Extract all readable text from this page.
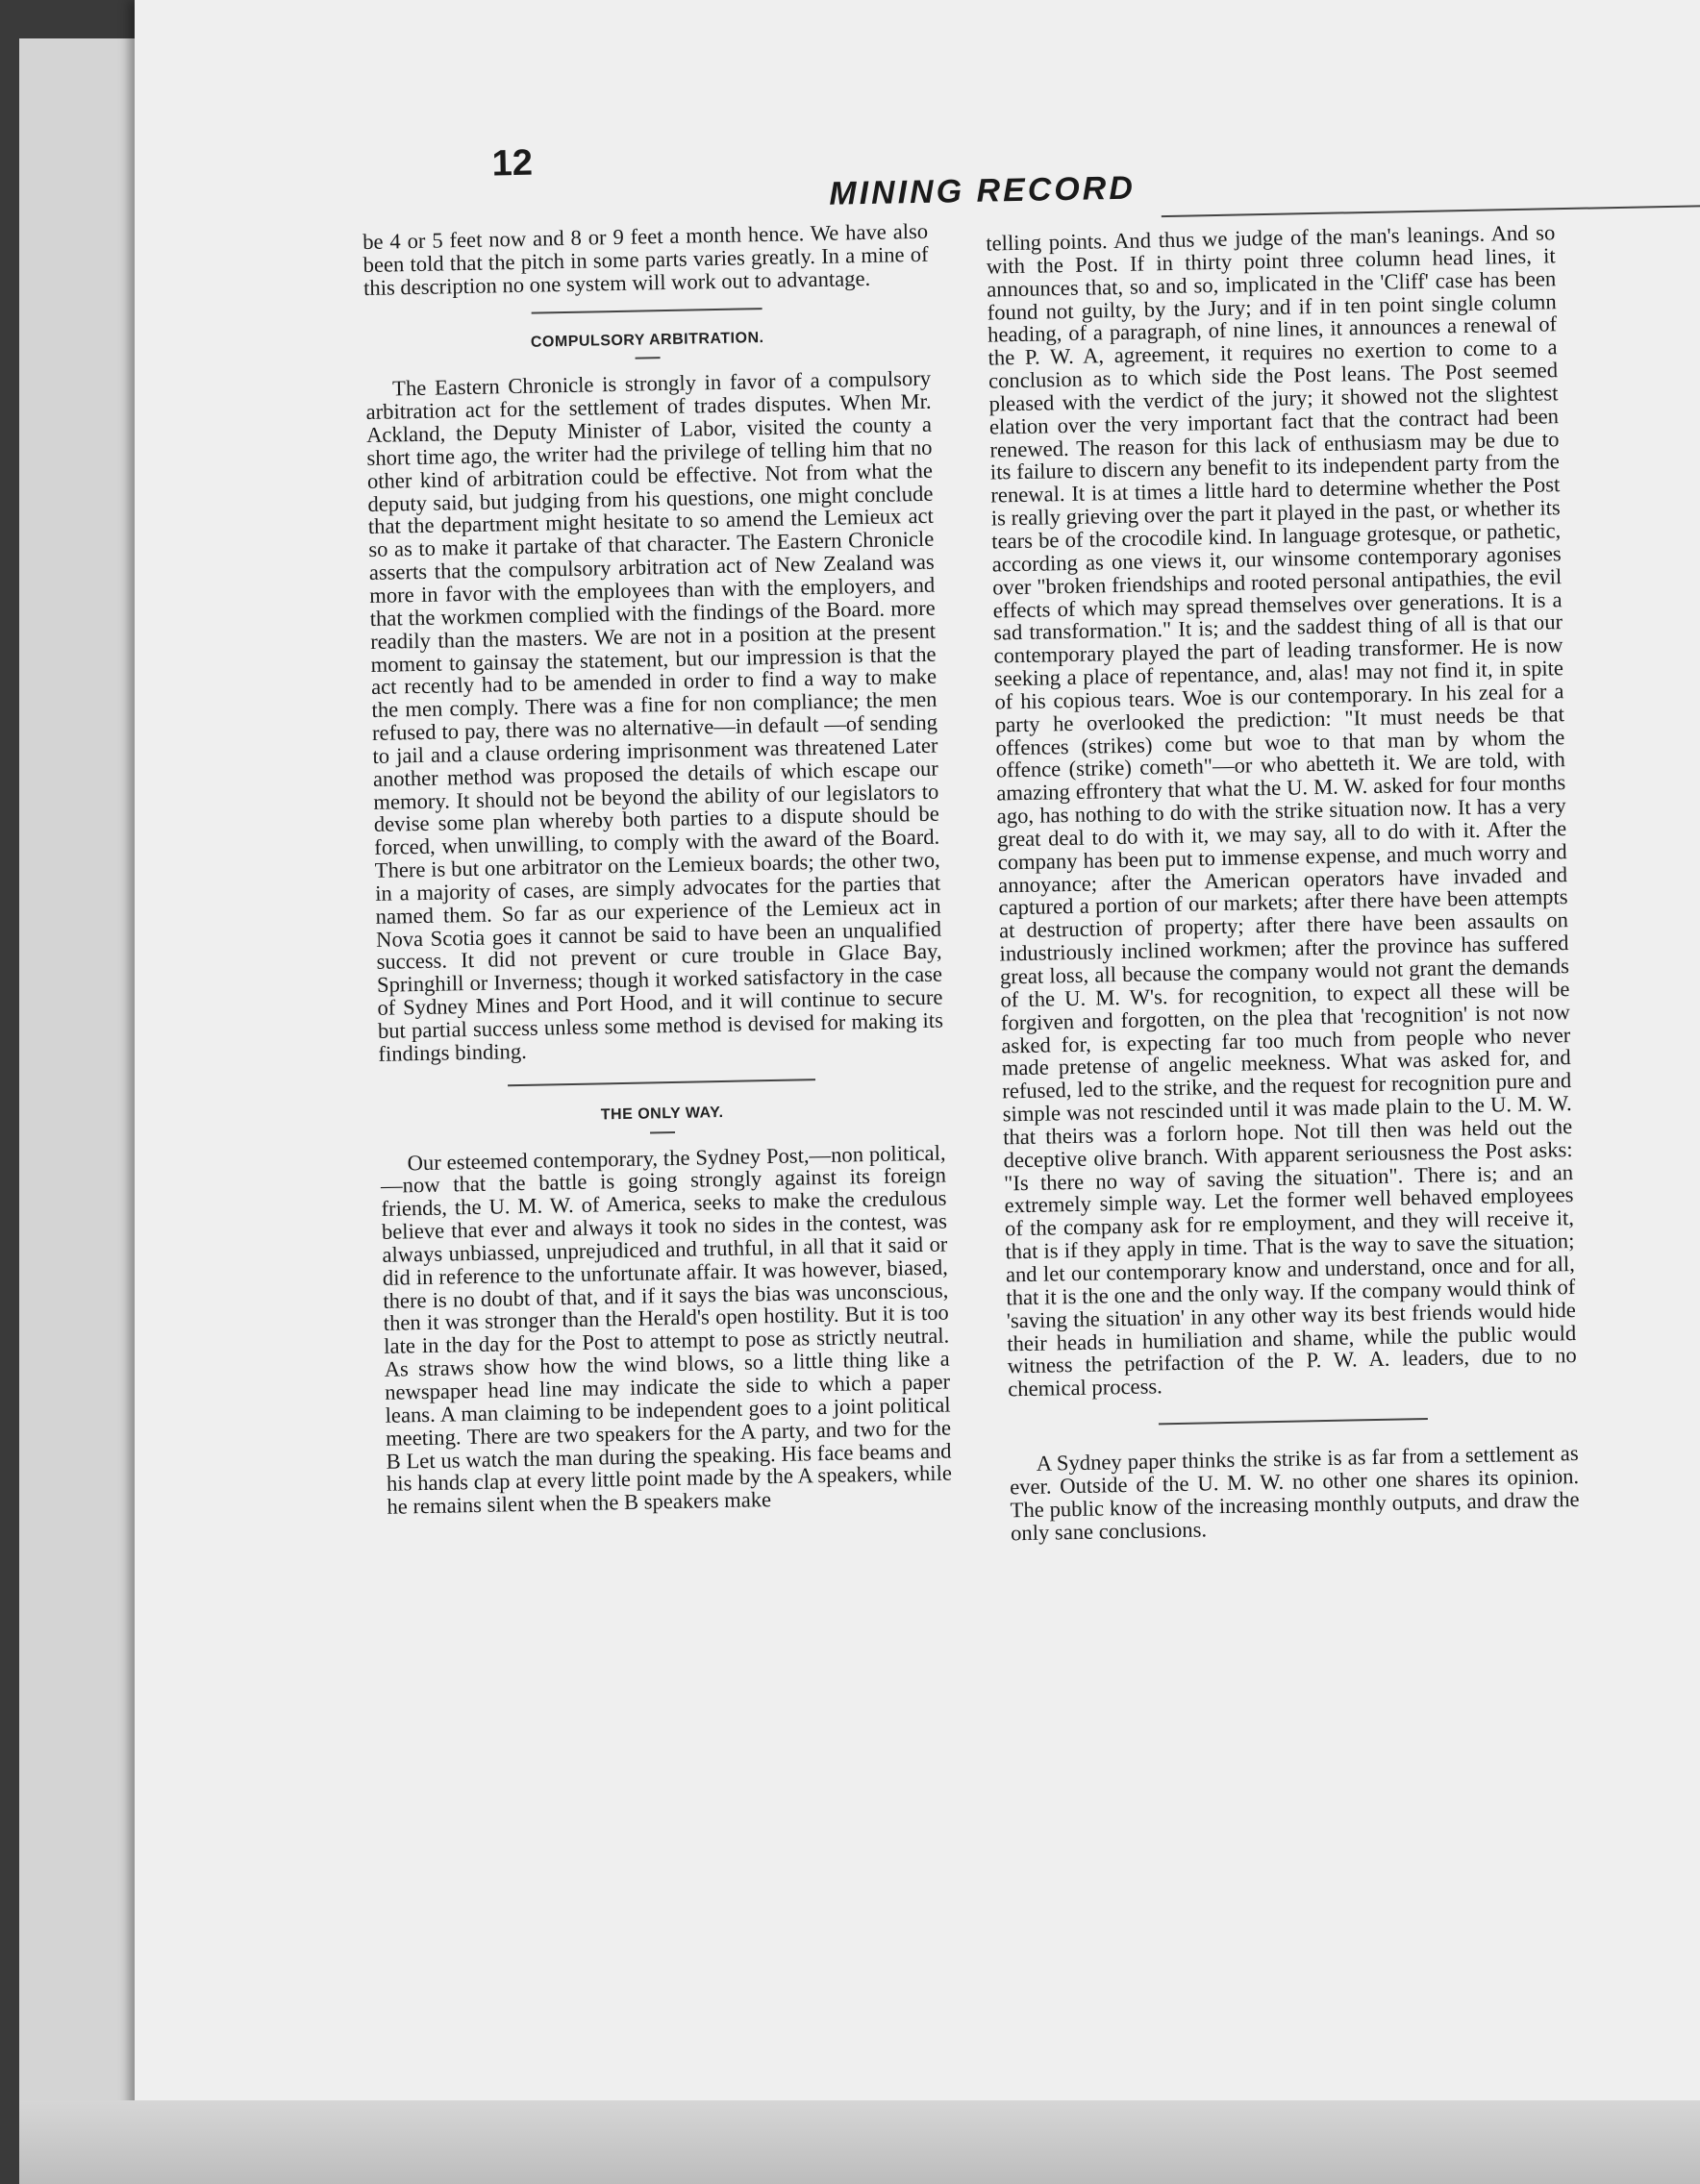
12
MINING RECORD

be 4 or 5 feet now and 8 or 9 feet a month hence. We have also been told that the pitch in some parts varies greatly. In a mine of this description no one system will work out to advantage.

COMPULSORY ARBITRATION.

The Eastern Chronicle is strongly in favor of a compulsory arbitration act for the settlement of trades disputes. When Mr. Ackland, the Deputy Minister of Labor, visited the county a short time ago, the writer had the privilege of telling him that no other kind of arbitration could be effective. Not from what the deputy said, but judging from his questions, one might conclude that the department might hesitate to so amend the Lemieux act so as to make it partake of that character. The Eastern Chronicle asserts that the compulsory arbitration act of New Zealand was more in favor with the employees than with the employers, and that the workmen complied with the findings of the Board. more readily than the masters. We are not in a position at the present moment to gainsay the statement, but our impression is that the act recently had to be amended in order to find a way to make the men comply. There was a fine for non compliance; the men refused to pay, there was no alternative—in default —of sending to jail and a clause ordering imprisonment was threatened Later another method was proposed the details of which escape our memory. It should not be beyond the ability of our legislators to devise some plan whereby both parties to a dispute should be forced, when unwilling, to comply with the award of the Board. There is but one arbitrator on the Lemieux boards; the other two, in a majority of cases, are simply advocates for the parties that named them. So far as our experience of the Lemieux act in Nova Scotia goes it cannot be said to have been an unqualified success. It did not prevent or cure trouble in Glace Bay, Springhill or Inverness; though it worked satisfactory in the case of Sydney Mines and Port Hood, and it will continue to secure but partial success unless some method is devised for making its findings binding.

THE ONLY WAY.

Our esteemed contemporary, the Sydney Post,—non political,—now that the battle is going strongly against its foreign friends, the U. M. W. of America, seeks to make the credulous believe that ever and always it took no sides in the contest, was always unbiassed, unprejudiced and truthful, in all that it said or did in reference to the unfortunate affair. It was however, biased, there is no doubt of that, and if it says the bias was unconscious, then it was stronger than the Herald's open hostility. But it is too late in the day for the Post to attempt to pose as strictly neutral. As straws show how the wind blows, so a little thing like a newspaper head line may indicate the side to which a paper leans. A man claiming to be independent goes to a joint political meeting. There are two speakers for the A party, and two for the B Let us watch the man during the speaking. His face beams and his hands clap at every little point made by the A speakers, while he remains silent when the B speakers make

telling points. And thus we judge of the man's leanings. And so with the Post. If in thirty point three column head lines, it announces that, so and so, implicated in the 'Cliff' case has been found not guilty, by the Jury; and if in ten point single column heading, of a paragraph, of nine lines, it announces a renewal of the P. W. A, agreement, it requires no exertion to come to a conclusion as to which side the Post leans. The Post seemed pleased with the verdict of the jury; it showed not the slightest elation over the very important fact that the contract had been renewed. The reason for this lack of enthusiasm may be due to its failure to discern any benefit to its independent party from the renewal. It is at times a little hard to determine whether the Post is really grieving over the part it played in the past, or whether its tears be of the crocodile kind. In language grotesque, or pathetic, according as one views it, our winsome contemporary agonises over "broken friendships and rooted personal antipathies, the evil effects of which may spread themselves over generations. It is a sad transformation." It is; and the saddest thing of all is that our contemporary played the part of leading transformer. He is now seeking a place of repentance, and, alas! may not find it, in spite of his copious tears. Woe is our contemporary. In his zeal for a party he overlooked the prediction: "It must needs be that offences (strikes) come but woe to that man by whom the offence (strike) cometh"—or who abetteth it. We are told, with amazing effrontery that what the U. M. W. asked for four months ago, has nothing to do with the strike situation now. It has a very great deal to do with it, we may say, all to do with it. After the company has been put to immense expense, and much worry and annoyance; after the American operators have invaded and captured a portion of our markets; after there have been attempts at destruction of property; after there have been assaults on industriously inclined workmen; after the province has suffered great loss, all because the company would not grant the demands of the U. M. W's. for recognition, to expect all these will be forgiven and forgotten, on the plea that 'recognition' is not now asked for, is expecting far too much from people who never made pretense of angelic meekness. What was asked for, and refused, led to the strike, and the request for recognition pure and simple was not rescinded until it was made plain to the U. M. W. that theirs was a forlorn hope. Not till then was held out the deceptive olive branch. With apparent seriousness the Post asks: "Is there no way of saving the situation". There is; and an extremely simple way. Let the former well behaved employees of the company ask for re employment, and they will receive it, that is if they apply in time. That is the way to save the situation; and let our contemporary know and understand, once and for all, that it is the one and the only way. If the company would think of 'saving the situation' in any other way its best friends would hide their heads in humiliation and shame, while the public would witness the petrifaction of the P. W. A. leaders, due to no chemical process.

A Sydney paper thinks the strike is as far from a settlement as ever. Outside of the U. M. W. no other one shares its opinion. The public know of the increasing monthly outputs, and draw the only sane conclusions.
